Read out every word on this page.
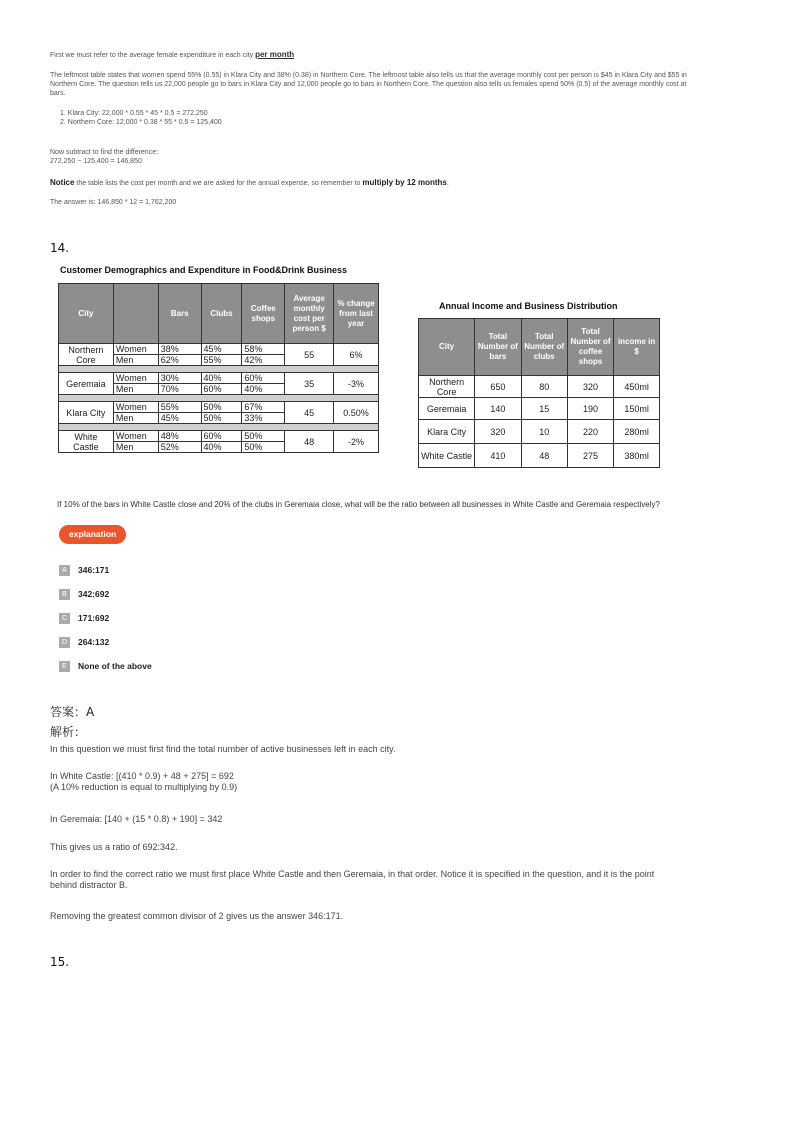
First we must refer to the average female expenditure in each city per month
The leftmost table states that women spend 55% (0.55) in Klara City and 38% (0.38) in Northern Core. The leftmost table also tells us that the average monthly cost per person is $45 in Klara City and $55 in
Northern Core. The question tells us 22,000 people go to bars in Klara City and 12,000 people go to bars in Northern Core. The question also tells us females spend 50% (0.5) of the average monthly cost at
bars.
1. Klara City: 22,000 * 0.55 * 45 * 0.5 = 272,250
2. Northern Core: 12,000 * 0.38 * 55 * 0.5 = 125,400
Now subtract to find the difference:
272,250 − 125,400 = 146,850
Notice the table lists the cost per month and we are asked for the annual expense, so remember to multiply by 12 months.
The answer is: 146,850 * 12 = 1,762,200
14.
Customer Demographics and Expenditure in Food&Drink Business
City		Bars	Clubs	Coffee shops	Average monthly cost per person $	% change from last year
Northern Core	Women	38%	45%	58%	55	6%
	Men	62%	55%	42%		

Geremaia	Women	30%	40%	60%	35	-3%
	Men	70%	60%	40%		

Klara City	Women	55%	50%	67%	45	0.50%
	Men	45%	50%	33%		

White Castle	Women	48%	60%	50%	48	-2%
	Men	52%	40%	50%		
Annual Income and Business Distribution
City	Total Number of bars	Total Number of clubs	Total Number of coffee shops	income in $
Northern Core	650	80	320	450ml
Geremaia	140	15	190	150ml
Klara City	320	10	220	280ml
White Castle	410	48	275	380ml
If 10% of the bars in White Castle close and 20% of the clubs in Geremaia close, what will be the ratio between all businesses in White Castle and Geremaia respectively?
explanation
A 346:171
B 342:692
C 171:692
D 264:132
E None of the above
答案：A
解析：
In this question we must first find the total number of active businesses left in each city.
In White Castle: [(410 * 0.9) + 48 + 275] = 692
(A 10% reduction is equal to multiplying by 0.9)
In Geremaia: [140 + (15 * 0.8) + 190] = 342
This gives us a ratio of 692:342.
In order to find the correct ratio we must first place White Castle and then Geremaia, in that order. Notice it is specified in the question, and it is the point
behind distractor B.
Removing the greatest common divisor of 2 gives us the answer 346:171.
15.
